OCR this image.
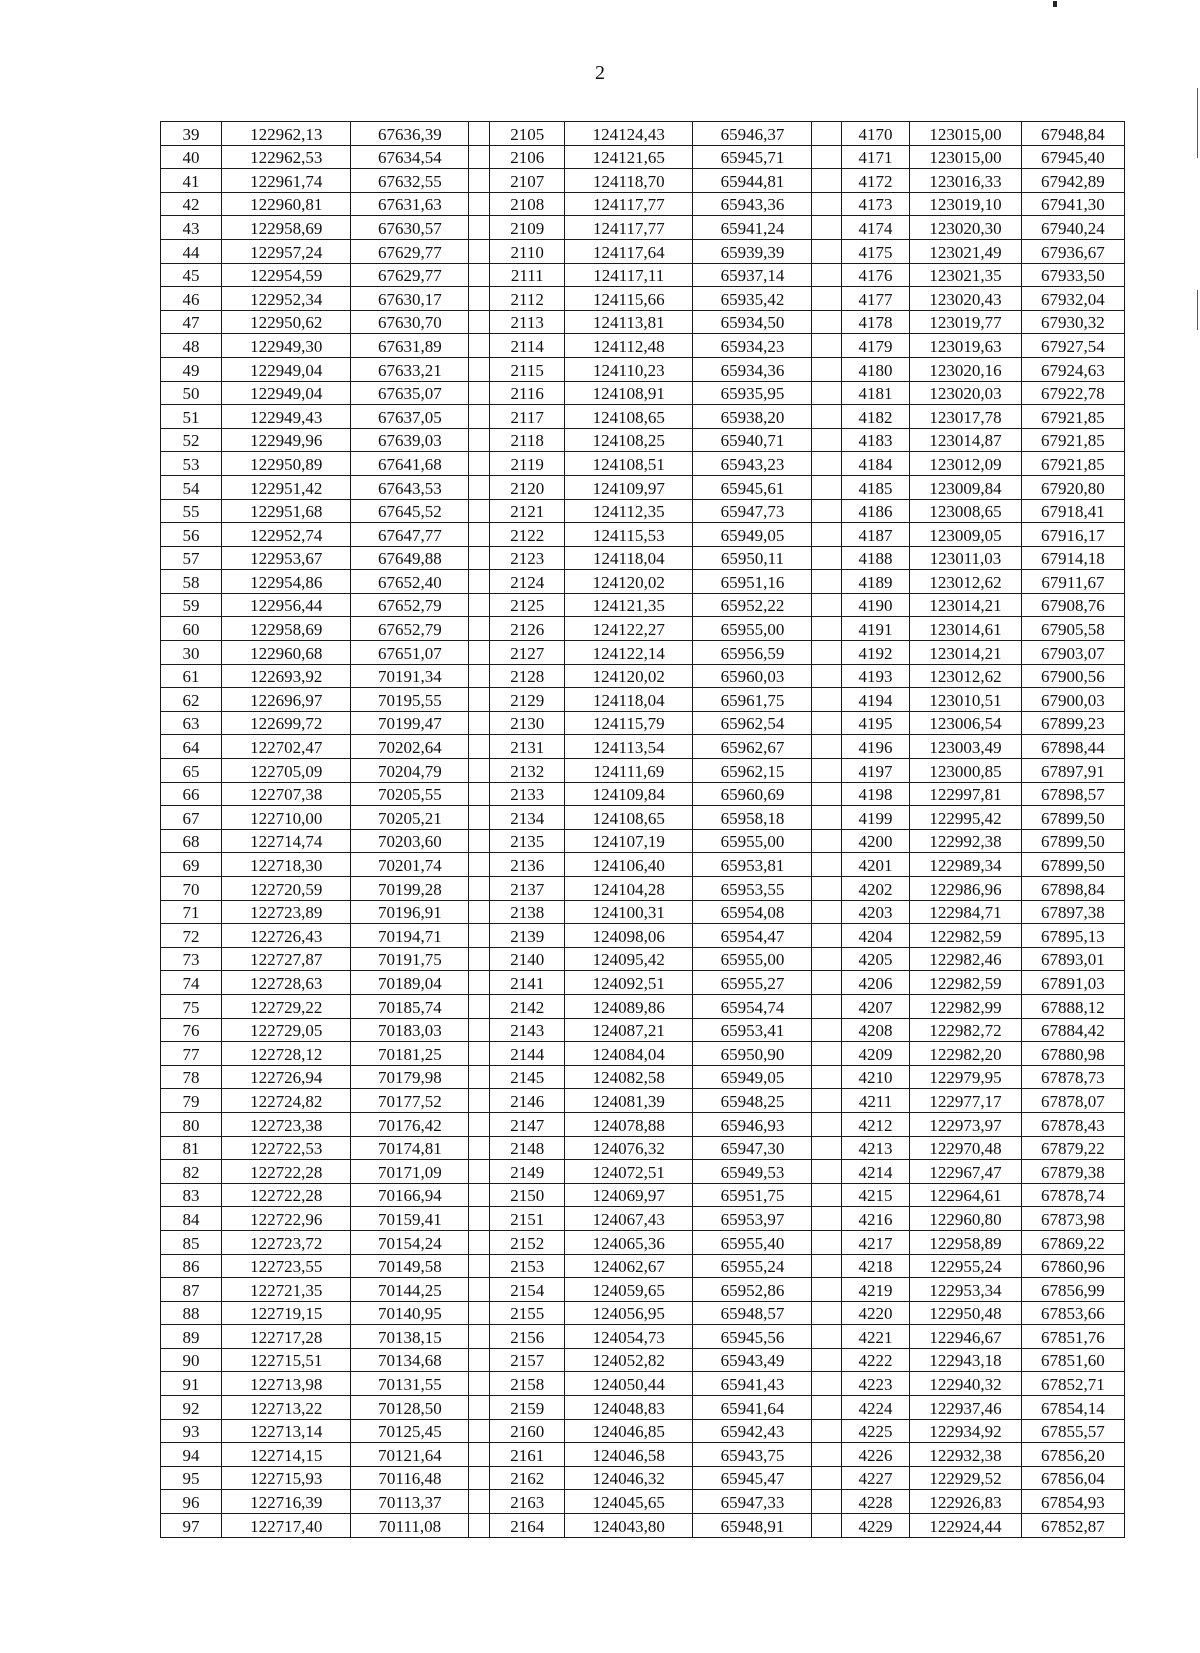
2
39	122962,13	67636,39		2105	124124,43	65946,37		4170	123015,00	67948,84
40	122962,53	67634,54		2106	124121,65	65945,71		4171	123015,00	67945,40
41	122961,74	67632,55		2107	124118,70	65944,81		4172	123016,33	67942,89
42	122960,81	67631,63		2108	124117,77	65943,36		4173	123019,10	67941,30
43	122958,69	67630,57		2109	124117,77	65941,24		4174	123020,30	67940,24
44	122957,24	67629,77		2110	124117,64	65939,39		4175	123021,49	67936,67
45	122954,59	67629,77		2111	124117,11	65937,14		4176	123021,35	67933,50
46	122952,34	67630,17		2112	124115,66	65935,42		4177	123020,43	67932,04
47	122950,62	67630,70		2113	124113,81	65934,50		4178	123019,77	67930,32
48	122949,30	67631,89		2114	124112,48	65934,23		4179	123019,63	67927,54
49	122949,04	67633,21		2115	124110,23	65934,36		4180	123020,16	67924,63
50	122949,04	67635,07		2116	124108,91	65935,95		4181	123020,03	67922,78
51	122949,43	67637,05		2117	124108,65	65938,20		4182	123017,78	67921,85
52	122949,96	67639,03		2118	124108,25	65940,71		4183	123014,87	67921,85
53	122950,89	67641,68		2119	124108,51	65943,23		4184	123012,09	67921,85
54	122951,42	67643,53		2120	124109,97	65945,61		4185	123009,84	67920,80
55	122951,68	67645,52		2121	124112,35	65947,73		4186	123008,65	67918,41
56	122952,74	67647,77		2122	124115,53	65949,05		4187	123009,05	67916,17
57	122953,67	67649,88		2123	124118,04	65950,11		4188	123011,03	67914,18
58	122954,86	67652,40		2124	124120,02	65951,16		4189	123012,62	67911,67
59	122956,44	67652,79		2125	124121,35	65952,22		4190	123014,21	67908,76
60	122958,69	67652,79		2126	124122,27	65955,00		4191	123014,61	67905,58
30	122960,68	67651,07		2127	124122,14	65956,59		4192	123014,21	67903,07
61	122693,92	70191,34		2128	124120,02	65960,03		4193	123012,62	67900,56
62	122696,97	70195,55		2129	124118,04	65961,75		4194	123010,51	67900,03
63	122699,72	70199,47		2130	124115,79	65962,54		4195	123006,54	67899,23
64	122702,47	70202,64		2131	124113,54	65962,67		4196	123003,49	67898,44
65	122705,09	70204,79		2132	124111,69	65962,15		4197	123000,85	67897,91
66	122707,38	70205,55		2133	124109,84	65960,69		4198	122997,81	67898,57
67	122710,00	70205,21		2134	124108,65	65958,18		4199	122995,42	67899,50
68	122714,74	70203,60		2135	124107,19	65955,00		4200	122992,38	67899,50
69	122718,30	70201,74		2136	124106,40	65953,81		4201	122989,34	67899,50
70	122720,59	70199,28		2137	124104,28	65953,55		4202	122986,96	67898,84
71	122723,89	70196,91		2138	124100,31	65954,08		4203	122984,71	67897,38
72	122726,43	70194,71		2139	124098,06	65954,47		4204	122982,59	67895,13
73	122727,87	70191,75		2140	124095,42	65955,00		4205	122982,46	67893,01
74	122728,63	70189,04		2141	124092,51	65955,27		4206	122982,59	67891,03
75	122729,22	70185,74		2142	124089,86	65954,74		4207	122982,99	67888,12
76	122729,05	70183,03		2143	124087,21	65953,41		4208	122982,72	67884,42
77	122728,12	70181,25		2144	124084,04	65950,90		4209	122982,20	67880,98
78	122726,94	70179,98		2145	124082,58	65949,05		4210	122979,95	67878,73
79	122724,82	70177,52		2146	124081,39	65948,25		4211	122977,17	67878,07
80	122723,38	70176,42		2147	124078,88	65946,93		4212	122973,97	67878,43
81	122722,53	70174,81		2148	124076,32	65947,30		4213	122970,48	67879,22
82	122722,28	70171,09		2149	124072,51	65949,53		4214	122967,47	67879,38
83	122722,28	70166,94		2150	124069,97	65951,75		4215	122964,61	67878,74
84	122722,96	70159,41		2151	124067,43	65953,97		4216	122960,80	67873,98
85	122723,72	70154,24		2152	124065,36	65955,40		4217	122958,89	67869,22
86	122723,55	70149,58		2153	124062,67	65955,24		4218	122955,24	67860,96
87	122721,35	70144,25		2154	124059,65	65952,86		4219	122953,34	67856,99
88	122719,15	70140,95		2155	124056,95	65948,57		4220	122950,48	67853,66
89	122717,28	70138,15		2156	124054,73	65945,56		4221	122946,67	67851,76
90	122715,51	70134,68		2157	124052,82	65943,49		4222	122943,18	67851,60
91	122713,98	70131,55		2158	124050,44	65941,43		4223	122940,32	67852,71
92	122713,22	70128,50		2159	124048,83	65941,64		4224	122937,46	67854,14
93	122713,14	70125,45		2160	124046,85	65942,43		4225	122934,92	67855,57
94	122714,15	70121,64		2161	124046,58	65943,75		4226	122932,38	67856,20
95	122715,93	70116,48		2162	124046,32	65945,47		4227	122929,52	67856,04
96	122716,39	70113,37		2163	124045,65	65947,33		4228	122926,83	67854,93
97	122717,40	70111,08		2164	124043,80	65948,91		4229	122924,44	67852,87
